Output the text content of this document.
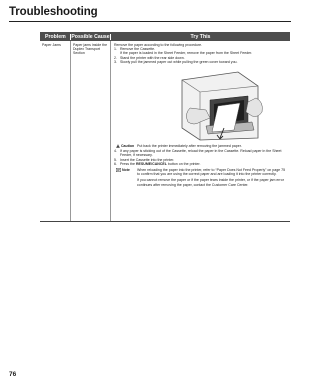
Troubleshooting
Problem	Possible Cause	Try This
Paper Jams	Paper jams inside the Duplex Transport Section
Remove the paper according to the following procedure.
1. Remove the Cassette.
If the paper is loaded in the Sheet Feeder, remove the paper from the Sheet Feeder.
2. Stand the printer with the rear side down.
3. Slowly pull the jammed paper out while pulling the green cover toward you.
Caution Put back the printer immediately after removing the jammed paper.
4. If any paper is sticking out of the Cassette, reload the paper in the Cassette. Reload paper in the Sheet Feeder, if necessary.
5. Insert the Cassette into the printer.
6. Press the RESUME/CANCEL button on the printer.
Note When reloading the paper into the printer, refer to “Paper Does Not Feed Properly” on page 75 to confirm that you are using the correct paper and are loading it into the printer correctly.
If you cannot remove the paper or if the paper tears inside the printer, or if the paper jam error continues after removing the paper, contact the Customer Care Center.
76
